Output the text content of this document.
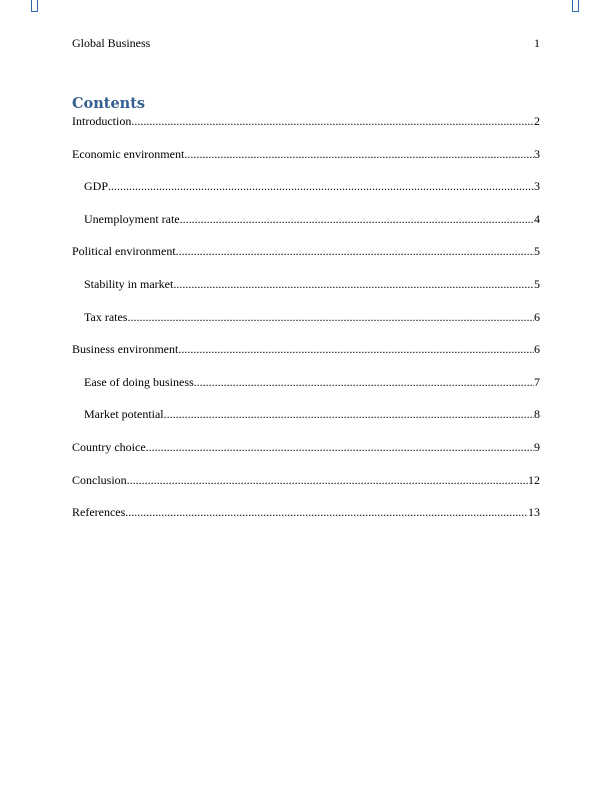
Global Business	1
Contents
Introduction .....	2
Economic environment .....	3
GDP .....	3
Unemployment rate .....	4
Political environment .....	5
Stability in market .....	5
Tax rates .....	6
Business environment .....	6
Ease of doing business .....	7
Market potential .....	8
Country choice .....	9
Conclusion .....	12
References .....	13
